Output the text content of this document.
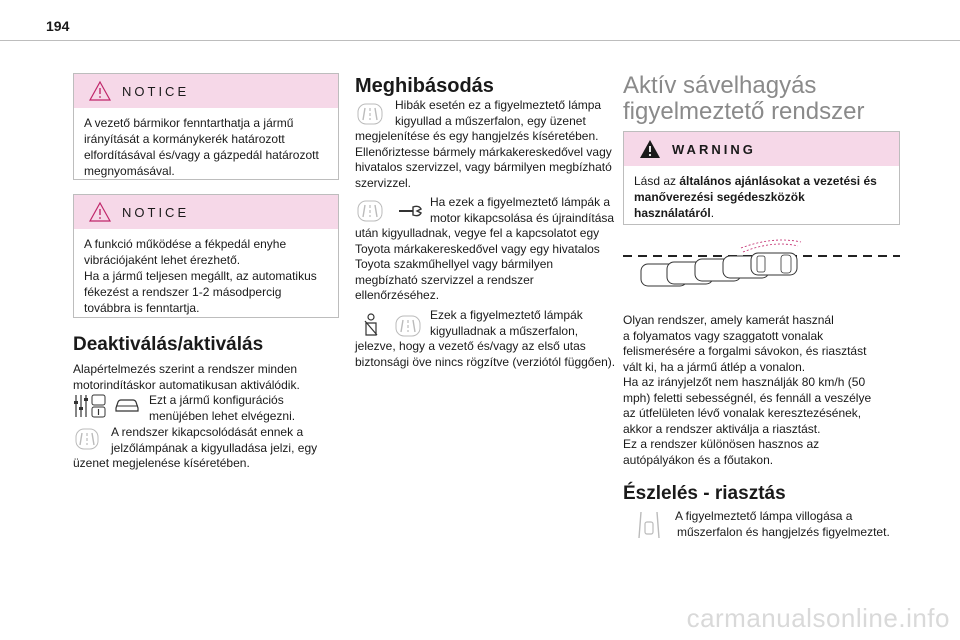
194
NOTICE
A vezető bármikor fenntarthatja a jármű
irányítását a kormánykerék határozott
elfordításával és/vagy a gázpedál határozott
megnyomásával.
NOTICE
A funkció működése a fékpedál enyhe
vibrációjaként lehet érezhető.
Ha a jármű teljesen megállt, az automatikus
fékezést a rendszer 1-2 másodpercig
továbbra is fenntartja.
Deaktiválás/aktiválás
Alapértelmezés szerint a rendszer minden
motorindításkor automatikusan aktiválódik.
Ezt a jármű konfigurációs
menüjében lehet elvégezni.
A rendszer kikapcsolódását ennek a
jelzőlámpának a kigyulladása jelzi, egy
üzenet megjelenése kíséretében.
Meghibásodás
Hibák esetén ez a figyelmeztető lámpa
kigyullad a műszerfalon, egy üzenet
megjelenítése és egy hangjelzés kíséretében.
Ellenőriztesse bármely márkakereskedővel vagy
hivatalos szervizzel, vagy bármilyen megbízható
szervizzel.
Ha ezek a figyelmeztető lámpák a
motor kikapcsolása és újraindítása
után kigyulladnak, vegye fel a kapcsolatot egy
Toyota márkakereskedővel vagy egy hivatalos
Toyota szakműhellyel vagy bármilyen
megbízható szervizzel a rendszer
ellenőrzéséhez.
Ezek a figyelmeztető lámpák
kigyulladnak a műszerfalon,
jelezve, hogy a vezető és/vagy az első utas
biztonsági öve nincs rögzítve (verziótól függően).
Aktív sávelhagyás
figyelmeztető rendszer
WARNING
Lásd az általános ajánlásokat a vezetési és
manőverezési segédeszközök
használatáról.
Olyan rendszer, amely kamerát használ
a folyamatos vagy szaggatott vonalak
felismerésére a forgalmi sávokon, és riasztást
vált ki, ha a jármű átlép a vonalon.
Ha az irányjelzőt nem használják 80 km/h (50
mph) feletti sebességnél, és fennáll a veszélye
az útfelületen lévő vonalak keresztezésének,
akkor a rendszer aktiválja a riasztást.
Ez a rendszer különösen hasznos az
autópályákon és a főutakon.
Észlelés - riasztás
A figyelmeztető lámpa villogása a
műszerfalon és hangjelzés figyelmeztet.
carmanualsonline.info
